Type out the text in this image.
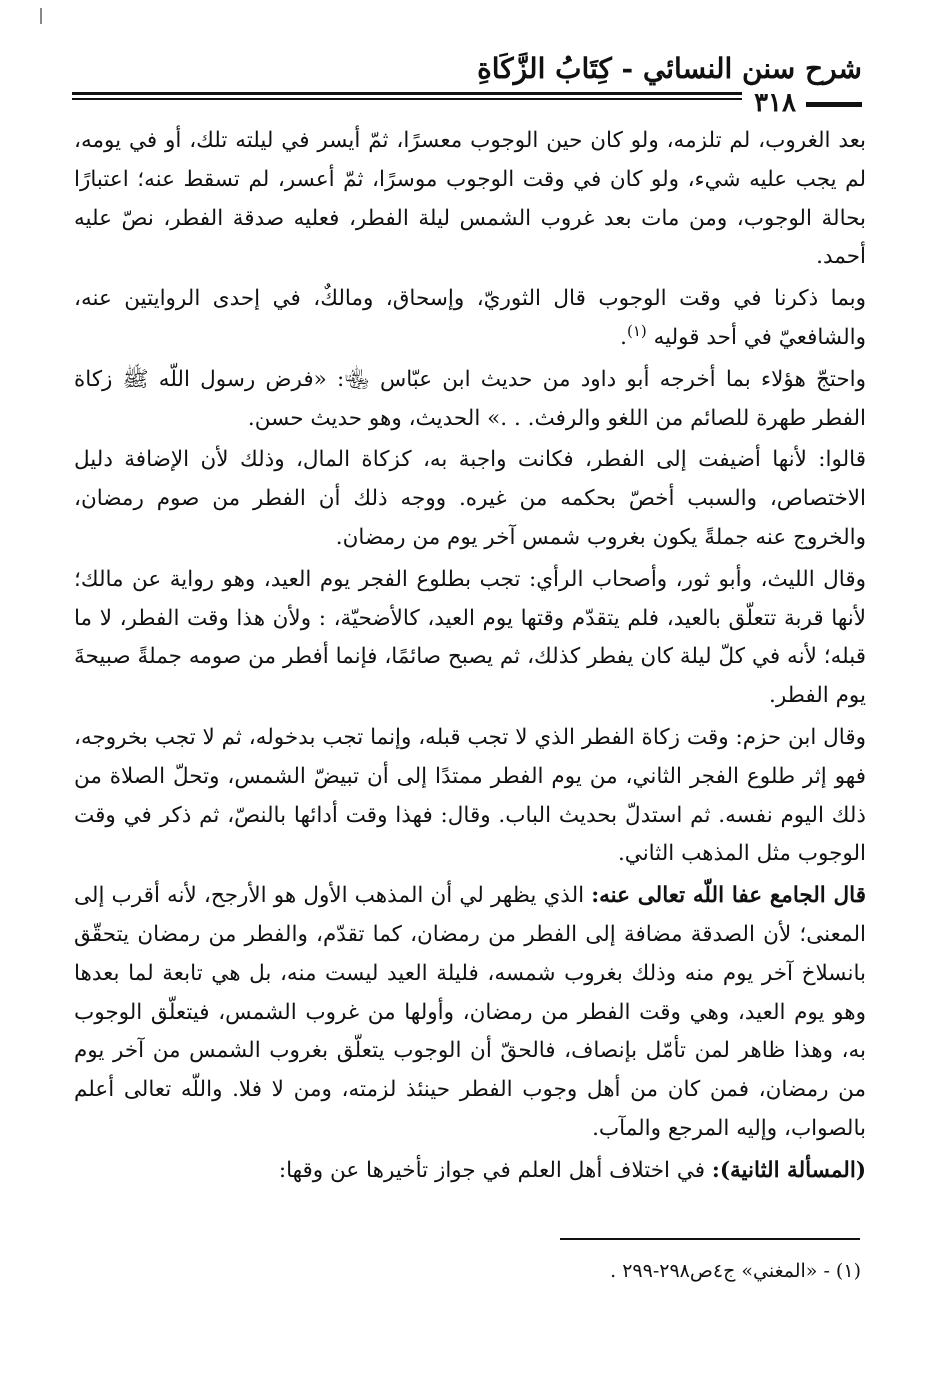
شرح سنن النسائي - كِتَابُ الزَّكَاةِ
٣١٨

بعد الغروب، لم تلزمه، ولو كان حين الوجوب معسرًا، ثمّ أيسر في ليلته تلك، أو في يومه، لم يجب عليه شيء، ولو كان في وقت الوجوب موسرًا، ثمّ أعسر، لم تسقط عنه؛ اعتبارًا بحالة الوجوب، ومن مات بعد غروب الشمس ليلة الفطر، فعليه صدقة الفطر، نصّ عليه أحمد.

وبما ذكرنا في وقت الوجوب قال الثوريّ، وإسحاق، ومالكٌ، في إحدى الروايتين عنه، والشافعيّ في أحد قوليه $^{(١)}$.

واحتجّ هؤلاء بما أخرجه أبو داود من حديث ابن عبّاس ﵄: «فرض رسول اللّه ﷺ زكاة الفطر طهرة للصائم من اللغو والرفث. . .» الحديث، وهو حديث حسن.

قالوا: لأنها أضيفت إلى الفطر، فكانت واجبة به، كزكاة المال، وذلك لأن الإضافة دليل الاختصاص، والسبب أخصّ بحكمه من غيره. ووجه ذلك أن الفطر من صوم رمضان، والخروج عنه جملةً يكون بغروب شمس آخر يوم من رمضان.

وقال الليث، وأبو ثور، وأصحاب الرأي: تجب بطلوع الفجر يوم العيد، وهو رواية عن مالك؛ لأنها قربة تتعلّق بالعيد، فلم يتقدّم وقتها يوم العيد، كالأضحيّة، : ولأن هذا وقت الفطر، لا ما قبله؛ لأنه في كلّ ليلة كان يفطر كذلك، ثم يصبح صائمًا، فإنما أفطر من صومه جملةً صبيحةَ يوم الفطر.

وقال ابن حزم: وقت زكاة الفطر الذي لا تجب قبله، وإنما تجب بدخوله، ثم لا تجب بخروجه، فهو إثر طلوع الفجر الثاني، من يوم الفطر ممتدًا إلى أن تبيضّ الشمس، وتحلّ الصلاة من ذلك اليوم نفسه. ثم استدلّ بحديث الباب. وقال: فهذا وقت أدائها بالنصّ، ثم ذكر في وقت الوجوب مثل المذهب الثاني.

قال الجامع عفا اللّه تعالى عنه: الذي يظهر لي أن المذهب الأول هو الأرجح، لأنه أقرب إلى المعنى؛ لأن الصدقة مضافة إلى الفطر من رمضان، كما تقدّم، والفطر من رمضان يتحقّق بانسلاخ آخر يوم منه وذلك بغروب شمسه، فليلة العيد ليست منه، بل هي تابعة لما بعدها وهو يوم العيد، وهي وقت الفطر من رمضان، وأولها من غروب الشمس، فيتعلّق الوجوب به، وهذا ظاهر لمن تأمّل بإنصاف، فالحقّ أن الوجوب يتعلّق بغروب الشمس من آخر يوم من رمضان، فمن كان من أهل وجوب الفطر حينئذ لزمته، ومن لا فلا. واللّه تعالى أعلم بالصواب، وإليه المرجع والمآب.

(المسألة الثانية): في اختلاف أهل العلم في جواز تأخيرها عن وقها:

(١) - «المغني» ج٤ص٢٩٨-٢٩٩ .
